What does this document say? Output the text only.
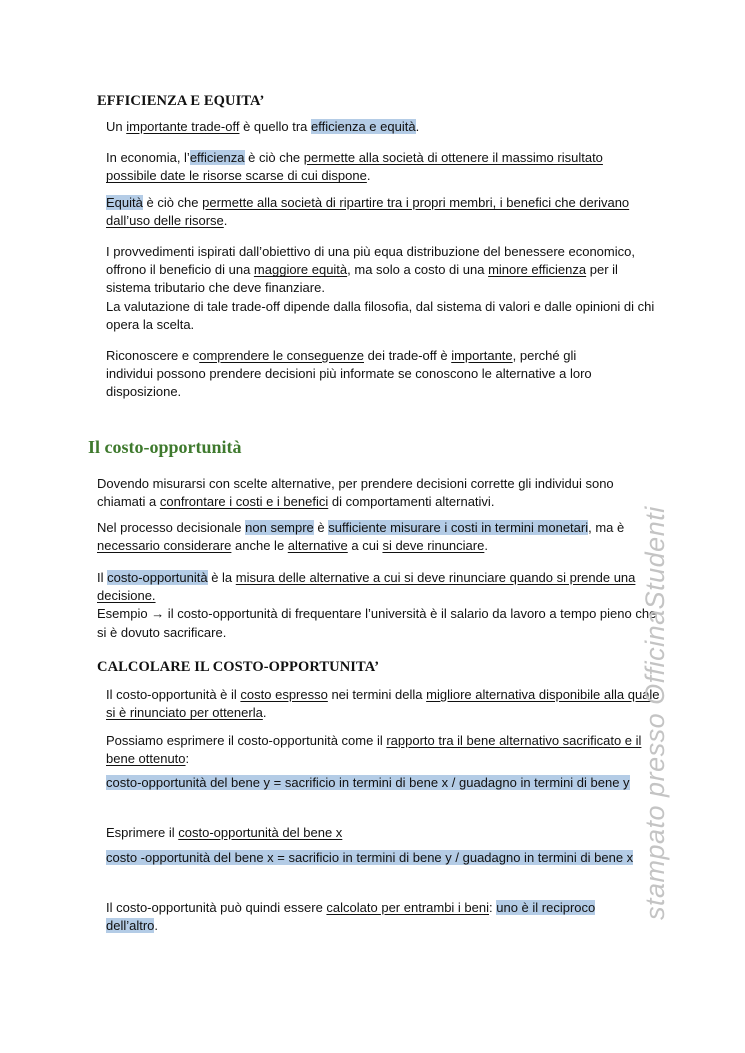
EFFICIENZA E EQUITA’

Un importante trade-off è quello tra efficienza e equità.

In economia, l’efficienza è ciò che permette alla società di ottenere il massimo risultato possibile date le risorse scarse di cui dispone.

Equità è ciò che permette alla società di ripartire tra i propri membri, i benefici che derivano dall’uso delle risorse.

I provvedimenti ispirati dall’obiettivo di una più equa distribuzione del benessere economico, offrono il beneficio di una maggiore equità, ma solo a costo di una minore efficienza per il sistema tributario che deve finanziare.
La valutazione di tale trade-off dipende dalla filosofia, dal sistema di valori e dalle opinioni di chi opera la scelta.

Riconoscere e comprendere le conseguenze dei trade-off è importante, perché gli individui possono prendere decisioni più informate se conoscono le alternative a loro disposizione.

Il costo-opportunità

Dovendo misurarsi con scelte alternative, per prendere decisioni corrette gli individui sono chiamati a confrontare i costi e i benefici di comportamenti alternativi.

Nel processo decisionale non sempre è sufficiente misurare i costi in termini monetari, ma è necessario considerare anche le alternative a cui si deve rinunciare.

Il costo-opportunità è la misura delle alternative a cui si deve rinunciare quando si prende una decisione.
Esempio → il costo-opportunità di frequentare l’università è il salario da lavoro a tempo pieno che si è dovuto sacrificare.

CALCOLARE IL COSTO-OPPORTUNITA’

Il costo-opportunità è il costo espresso nei termini della migliore alternativa disponibile alla quale si è rinunciato per ottenerla.

Possiamo esprimere il costo-opportunità come il rapporto tra il bene alternativo sacrificato e il bene ottenuto:

costo-opportunità del bene y = sacrificio in termini di bene x / guadagno in termini di bene y

Esprimere il costo-opportunità del bene x

costo -opportunità del bene x = sacrificio in termini di bene y / guadagno in termini di bene x

Il costo-opportunità può quindi essere calcolato per entrambi i beni: uno è il reciproco dell’altro.

stampato presso OfficinaStudenti
